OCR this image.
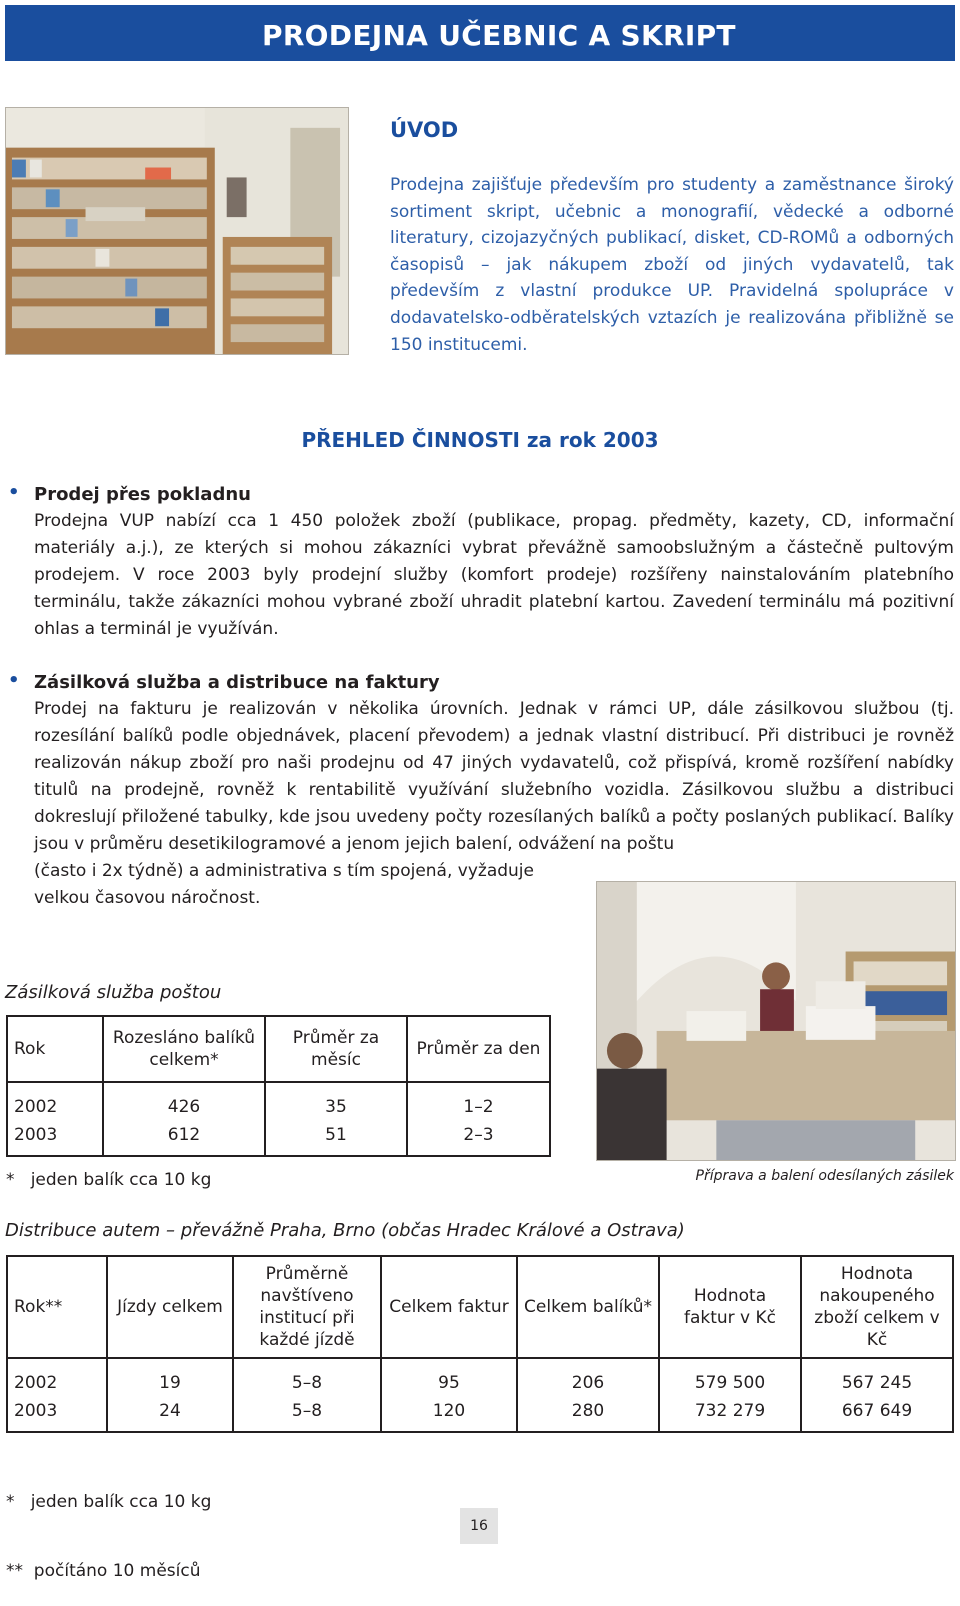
PRODEJNA UČEBNIC A SKRIPT
ÚVOD
Prodejna zajišťuje především pro studenty a zaměstnance široký sortiment skript, učebnic a monografií, vědecké a odborné literatury, cizojazyčných publikací, disket, CD-ROMů a odborných časopisů – jak nákupem zboží od jiných vydavatelů, tak především z vlastní produkce UP. Pravidelná spolupráce v dodavatelsko-odběratelských vztazích je realizována přibližně se 150 institucemi.
PŘEHLED ČINNOSTI za rok 2003
• Prodej přes pokladnu
Prodejna VUP nabízí cca 1 450 položek zboží (publikace, propag. předměty, kazety, CD, informační materiály a.j.), ze kterých si mohou zákazníci vybrat převážně samoobslužným a částečně pultovým prodejem. V roce 2003 byly prodejní služby (komfort prodeje) rozšířeny nainstalováním platebního terminálu, takže zákazníci mohou vybrané zboží uhradit platební kartou. Zavedení terminálu má pozitivní ohlas a terminál je využíván.
• Zásilková služba a distribuce na faktury
Prodej na fakturu je realizován v několika úrovních. Jednak v rámci UP, dále zásilkovou službou (tj. rozesílání balíků podle objednávek, placení převodem) a jednak vlastní distribucí. Při distribuci je rovněž realizován nákup zboží pro naši prodejnu od 47 jiných vydavatelů, což přispívá, kromě rozšíření nabídky titulů na prodejně, rovněž k rentabilitě využívání služebního vozidla. Zásilkovou službu a distribuci dokreslují přiložené tabulky, kde jsou uvedeny počty rozesílaných balíků a počty poslaných publikací. Balíky jsou v průměru desetikilogramové a jenom jejich balení, odvážení na poštu
(často i 2x týdně) a administrativa s tím spojená, vyžaduje velkou časovou náročnost.
Zásilková služba poštou
Rok	Rozesláno balíků celkem*	Průměr za měsíc	Průměr za den
2002	426	35	1–2
2003	612	51	2–3
*   jeden balík cca 10 kg	Příprava a balení odesílaných zásilek
Distribuce autem – převážně Praha, Brno (občas Hradec Králové a Ostrava)
Rok**	Jízdy celkem	Průměrně navštíveno institucí při každé jízdě	Celkem faktur	Celkem balíků*	Hodnota faktur v Kč	Hodnota nakoupeného zboží celkem v Kč
2002	19	5–8	95	206	579 500	567 245
2003	24	5–8	120	280	732 279	667 649

*   jeden balík cca 10 kg

**  počítáno 10 měsíců

16
